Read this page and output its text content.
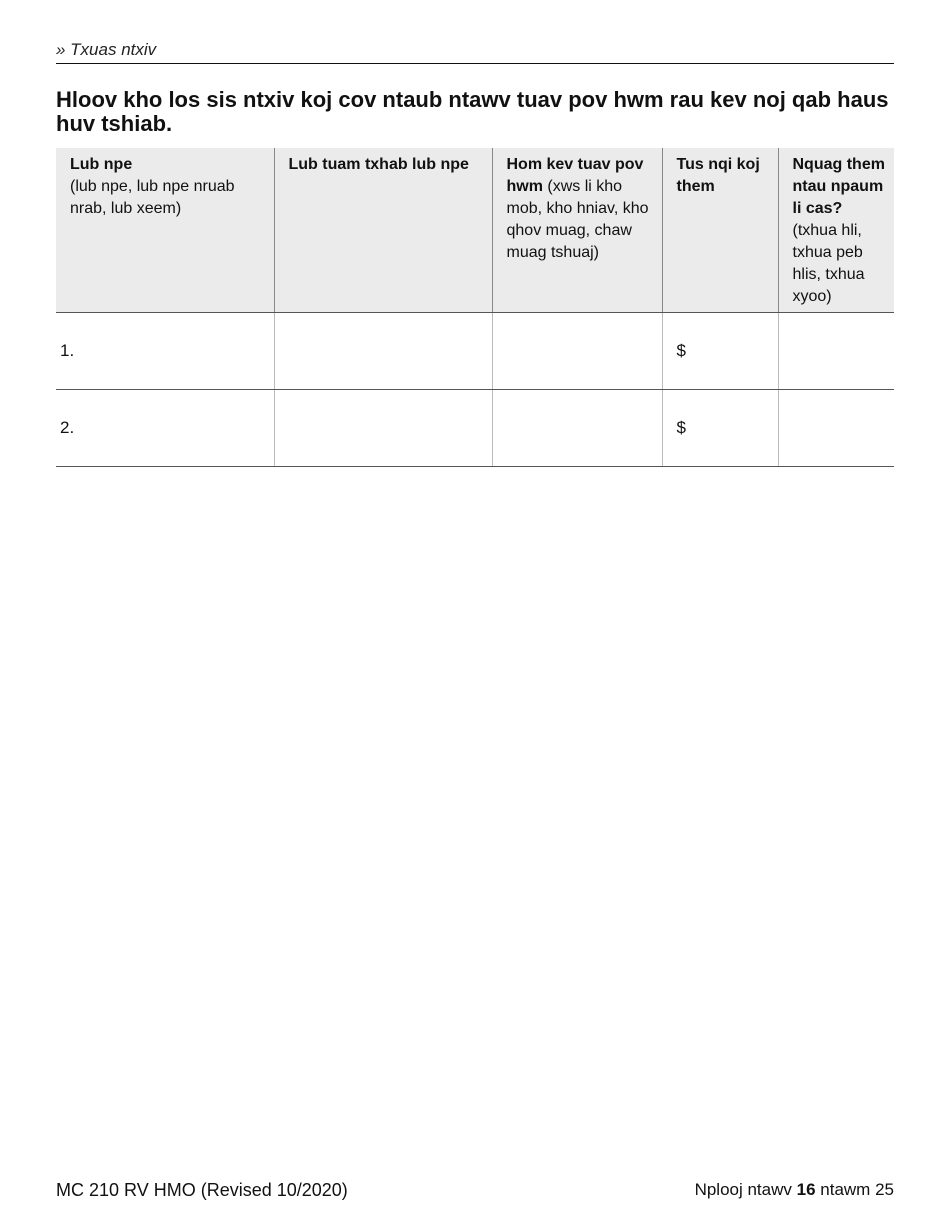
» Txuas ntxiv
Hloov kho los sis ntxiv koj cov ntaub ntawv tuav pov hwm rau kev noj qab haus huv tshiab.
Lub npe
(lub npe, lub npe nruab nrab, lub xeem)	Lub tuam txhab lub npe	Hom kev tuav pov hwm (xws li kho mob, kho hniav, kho qhov muag, chaw muag tshuaj)	Tus nqi koj them	Nquag them ntau npaum li cas? (txhua hli, txhua peb hlis, txhua xyoo)
1.			$	
2.			$	
MC 210 RV HMO (Revised 10/2020)	Nplooj ntawv 16 ntawm 25
